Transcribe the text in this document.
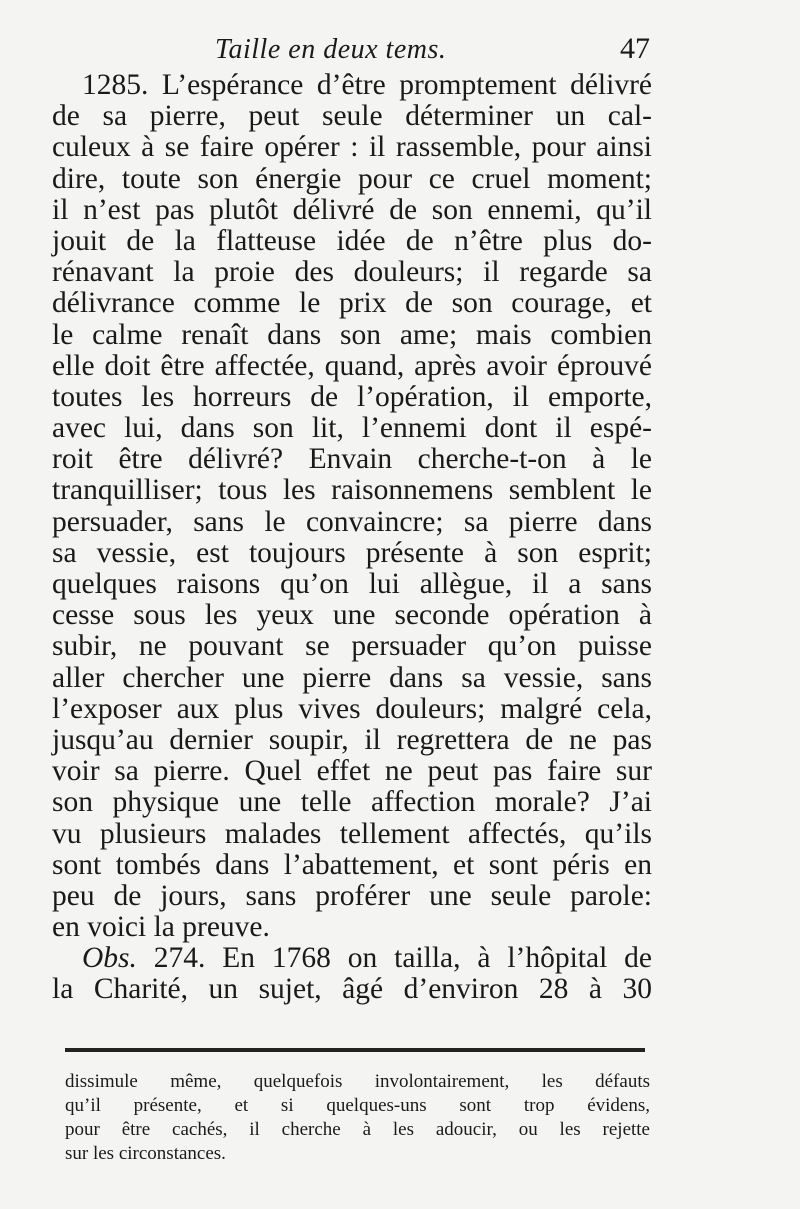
Taille en deux tems.	47
1285. L’espérance d’être promptement délivré
de sa pierre, peut seule déterminer un cal-
culeux à se faire opérer : il rassemble, pour ainsi
dire, toute son énergie pour ce cruel moment;
il n’est pas plutôt délivré de son ennemi, qu’il
jouit de la flatteuse idée de n’être plus do-
rénavant la proie des douleurs; il regarde sa
délivrance comme le prix de son courage, et
le calme renaît dans son ame; mais combien
elle doit être affectée, quand, après avoir éprouvé
toutes les horreurs de l’opération, il emporte,
avec lui, dans son lit, l’ennemi dont il espé-
roit être délivré? Envain cherche-t-on à le
tranquilliser; tous les raisonnemens semblent le
persuader, sans le convaincre; sa pierre dans
sa vessie, est toujours présente à son esprit;
quelques raisons qu’on lui allègue, il a sans
cesse sous les yeux une seconde opération à
subir, ne pouvant se persuader qu’on puisse
aller chercher une pierre dans sa vessie, sans
l’exposer aux plus vives douleurs; malgré cela,
jusqu’au dernier soupir, il regrettera de ne pas
voir sa pierre. Quel effet ne peut pas faire sur
son physique une telle affection morale? J’ai
vu plusieurs malades tellement affectés, qu’ils
sont tombés dans l’abattement, et sont péris en
peu de jours, sans proférer une seule parole:
en voici la preuve.
Obs. 274. En 1768 on tailla, à l’hôpital de
la Charité, un sujet, âgé d’environ 28 à 30
dissimule même, quelquefois involontairement, les défauts
qu’il présente, et si quelques-uns sont trop évidens,
pour être cachés, il cherche à les adoucir, ou les rejette
sur les circonstances.
